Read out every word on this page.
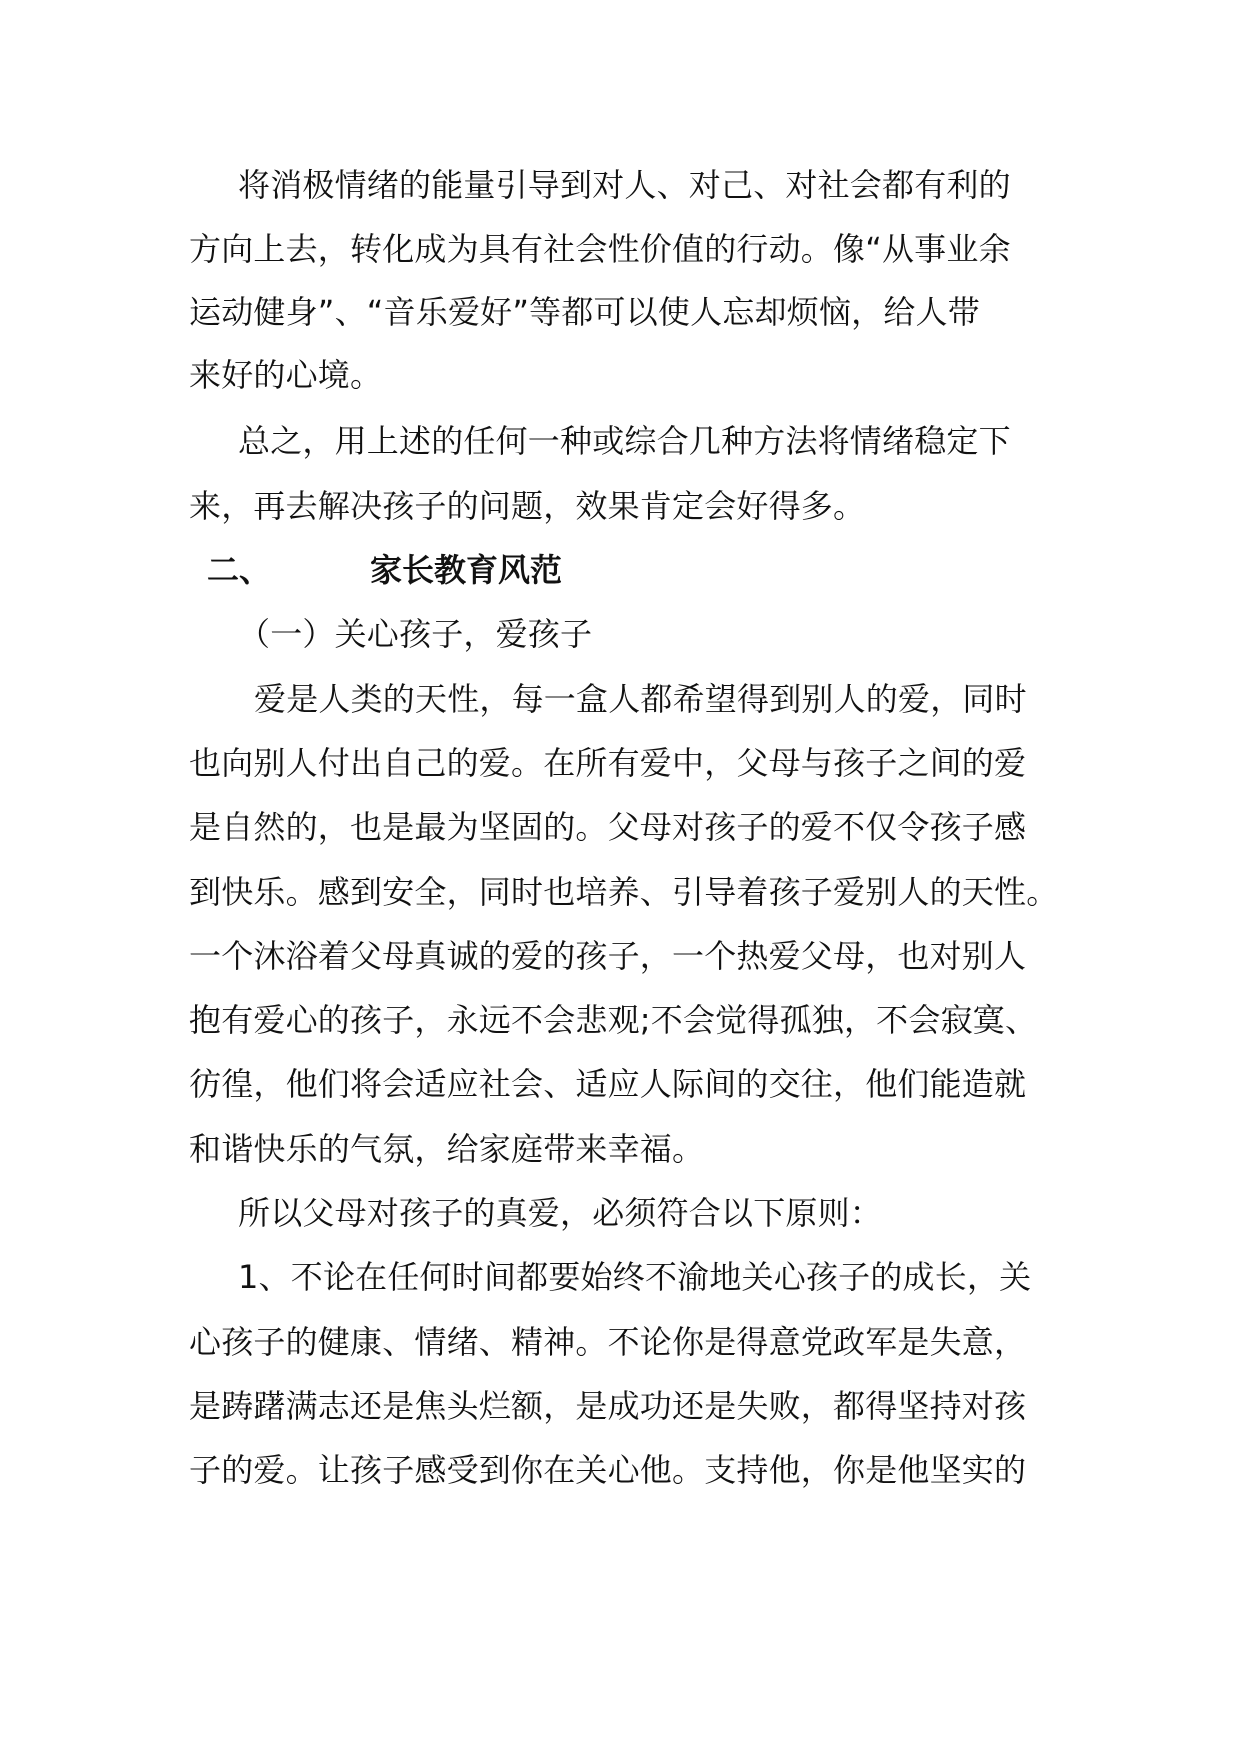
将消极情绪的能量引导到对人、对己、对社会都有利的
方向上去，转化成为具有社会性价值的行动。像“从事业余
运动健身”、“音乐爱好”等都可以使人忘却烦恼，给人带
来好的心境。
总之，用上述的任何一种或综合几种方法将情绪稳定下
来，再去解决孩子的问题，效果肯定会好得多。
二、	家长教育风范
（一）关心孩子，爱孩子
爱是人类的天性，每一盒人都希望得到别人的爱，同时
也向别人付出自己的爱。在所有爱中，父母与孩子之间的爱
是自然的，也是最为坚固的。父母对孩子的爱不仅令孩子感
到快乐。感到安全，同时也培养、引导着孩子爱别人的天性。
一个沐浴着父母真诚的爱的孩子，一个热爱父母，也对别人
抱有爱心的孩子，永远不会悲观;不会觉得孤独，不会寂寞、
彷徨，他们将会适应社会、适应人际间的交往，他们能造就
和谐快乐的气氛，给家庭带来幸福。
所以父母对孩子的真爱，必须符合以下原则：
1、不论在任何时间都要始终不渝地关心孩子的成长，关
心孩子的健康、情绪、精神。不论你是得意党政军是失意，
是踌躇满志还是焦头烂额，是成功还是失败，都得坚持对孩
子的爱。让孩子感受到你在关心他。支持他，你是他坚实的
